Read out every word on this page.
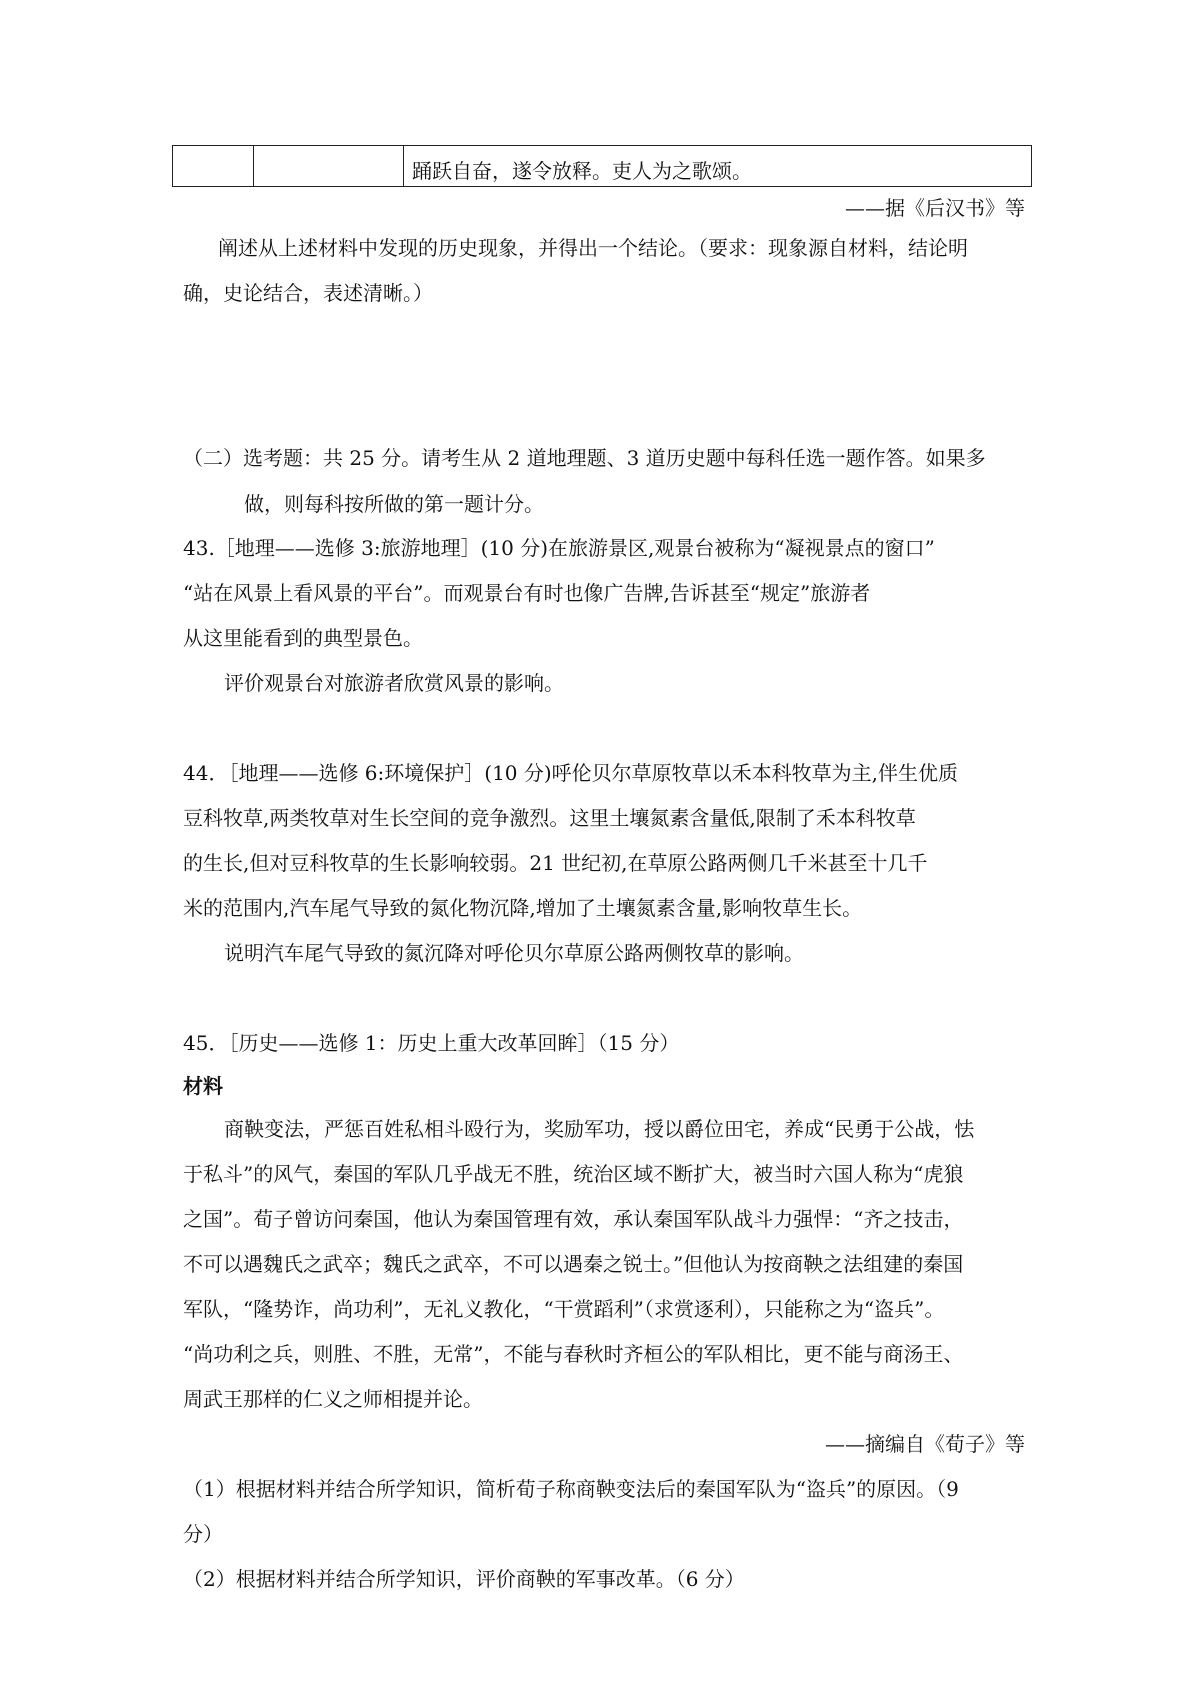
踊跃自奋，遂令放释。吏人为之歌颂。
——据《后汉书》等
阐述从上述材料中发现的历史现象，并得出一个结论。（要求：现象源自材料，结论明
确，史论结合，表述清晰。）
（二）选考题：共 25 分。请考生从 2 道地理题、3 道历史题中每科任选一题作答。如果多
做，则每科按所做的第一题计分。
43.［地理——选修 3:旅游地理］(10 分)在旅游景区,观景台被称为“凝视景点的窗口”
“站在风景上看风景的平台”。而观景台有时也像广告牌,告诉甚至“规定”旅游者
从这里能看到的典型景色。
评价观景台对旅游者欣赏风景的影响。
44．［地理——选修 6:环境保护］(10 分)呼伦贝尔草原牧草以禾本科牧草为主,伴生优质
豆科牧草,两类牧草对生长空间的竞争激烈。这里土壤氮素含量低,限制了禾本科牧草
的生长,但对豆科牧草的生长影响较弱。21 世纪初,在草原公路两侧几千米甚至十几千
米的范围内,汽车尾气导致的氮化物沉降,增加了土壤氮素含量,影响牧草生长。
说明汽车尾气导致的氮沉降对呼伦贝尔草原公路两侧牧草的影响。
45．［历史——选修 1：历史上重大改革回眸］（15 分）
材料
商鞅变法，严惩百姓私相斗殴行为，奖励军功，授以爵位田宅，养成“民勇于公战，怯
于私斗”的风气，秦国的军队几乎战无不胜，统治区域不断扩大，被当时六国人称为“虎狼
之国”。荀子曾访问秦国，他认为秦国管理有效，承认秦国军队战斗力强悍：“齐之技击，
不可以遇魏氏之武卒；魏氏之武卒，不可以遇秦之锐士。”但他认为按商鞅之法组建的秦国
军队，“隆势诈，尚功利”，无礼义教化，“干赏蹈利”（求赏逐利），只能称之为“盗兵”。
“尚功利之兵，则胜、不胜，无常”，不能与春秋时齐桓公的军队相比，更不能与商汤王、
周武王那样的仁义之师相提并论。
——摘编自《荀子》等
（1）根据材料并结合所学知识，简析荀子称商鞅变法后的秦国军队为“盗兵”的原因。（9
分）
（2）根据材料并结合所学知识，评价商鞅的军事改革。（6 分）
